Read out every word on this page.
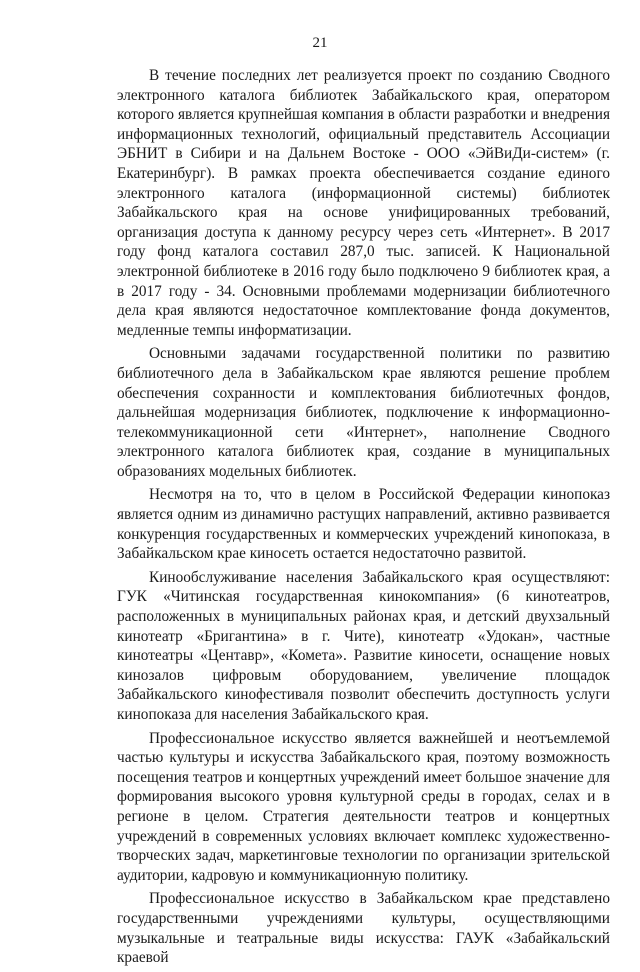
21

В течение последних лет реализуется проект по созданию Сводного электронного каталога библиотек Забайкальского края, оператором которого является крупнейшая компания в области разработки и внедрения информационных технологий, официальный представитель Ассоциации ЭБНИТ в Сибири и на Дальнем Востоке - ООО «ЭйВиДи-систем» (г. Екатеринбург). В рамках проекта обеспечивается создание единого электронного каталога (информационной системы) библиотек Забайкальского края на основе унифицированных требований, организация доступа к данному ресурсу через сеть «Интернет». В 2017 году фонд каталога составил 287,0 тыс. записей. К Национальной электронной библиотеке в 2016 году было подключено 9 библиотек края, а в 2017 году - 34. Основными проблемами модернизации библиотечного дела края являются недостаточное комплектование фонда документов, медленные темпы информатизации.

Основными задачами государственной политики по развитию библиотечного дела в Забайкальском крае являются решение проблем обеспечения сохранности и комплектования библиотечных фондов, дальнейшая модернизация библиотек, подключение к информационно-телекоммуникационной сети «Интернет», наполнение Сводного электронного каталога библиотек края, создание в муниципальных образованиях модельных библиотек.

Несмотря на то, что в целом в Российской Федерации кинопоказ является одним из динамично растущих направлений, активно развивается конкуренция государственных и коммерческих учреждений кинопоказа, в Забайкальском крае киносеть остается недостаточно развитой.

Кинообслуживание населения Забайкальского края осуществляют: ГУК «Читинская государственная кинокомпания» (6 кинотеатров, расположенных в муниципальных районах края, и детский двухзальный кинотеатр «Бригантина» в г. Чите), кинотеатр «Удокан», частные кинотеатры «Центавр», «Комета». Развитие киносети, оснащение новых кинозалов цифровым оборудованием, увеличение площадок Забайкальского кинофестиваля позволит обеспечить доступность услуги кинопоказа для населения Забайкальского края.

Профессиональное искусство является важнейшей и неотъемлемой частью культуры и искусства Забайкальского края, поэтому возможность посещения театров и концертных учреждений имеет большое значение для формирования высокого уровня культурной среды в городах, селах и в регионе в целом. Стратегия деятельности театров и концертных учреждений в современных условиях включает комплекс художественно-творческих задач, маркетинговые технологии по организации зрительской аудитории, кадровую и коммуникационную политику.

Профессиональное искусство в Забайкальском крае представлено государственными учреждениями культуры, осуществляющими музыкальные и театральные виды искусства: ГАУК «Забайкальский краевой
